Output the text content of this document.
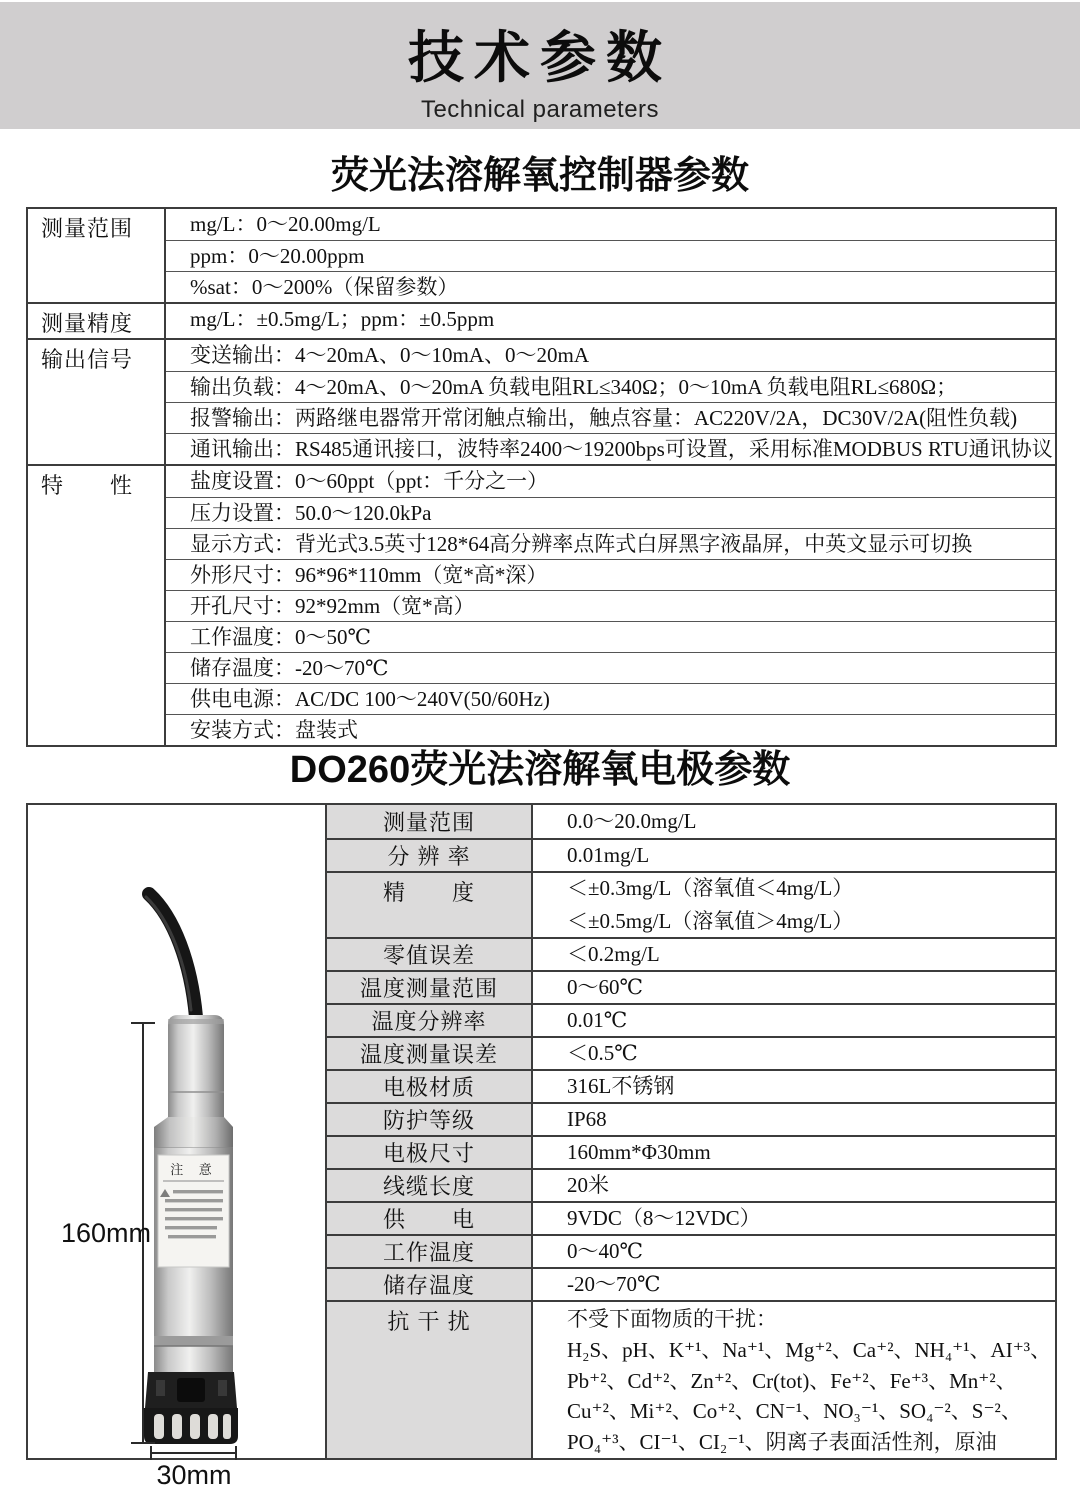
技术参数
Technical parameters
荧光法溶解氧控制器参数
测量范围	mg/L：0～20.00mg/L
ppm：0～20.00ppm
%sat：0～200%（保留参数）
测量精度	mg/L：±0.5mg/L；ppm：±0.5ppm
输出信号	变送输出：4～20mA、0～10mA、0～20mA
输出负载：4～20mA、0～20mA 负载电阻RL≤340Ω；0～10mA 负载电阻RL≤680Ω；
报警输出：两路继电器常开常闭触点输出，触点容量：AC220V/2A，DC30V/2A(阻性负载)
通讯输出：RS485通讯接口，波特率2400～19200bps可设置，采用标准MODBUS RTU通讯协议
特　　性	盐度设置：0～60ppt（ppt：千分之一）
压力设置：50.0～120.0kPa
显示方式：背光式3.5英寸128*64高分辨率点阵式白屏黑字液晶屏，中英文显示可切换
外形尺寸：96*96*110mm（宽*高*深）
开孔尺寸：92*92mm（宽*高）
工作温度：0～50℃
储存温度：-20～70℃
供电电源：AC/DC 100～240V(50/60Hz)
安装方式：盘装式
DO260荧光法溶解氧电极参数
注 意
160mm
30mm
测量范围	0.0～20.0mg/L
分 辨 率	0.01mg/L
精　　度	＜±0.3mg/L（溶氧值＜4mg/L）
＜±0.5mg/L（溶氧值＞4mg/L）
零值误差	＜0.2mg/L
温度测量范围	0～60℃
温度分辨率	0.01℃
温度测量误差	＜0.5℃
电极材质	316L不锈钢
防护等级	IP68
电极尺寸	160mm*Φ30mm
线缆长度	20米
供　　电	9VDC（8～12VDC）
工作温度	0～40℃
储存温度	-20～70℃
抗 干 扰	不受下面物质的干扰：
H₂S、pH、K⁺¹、Na⁺¹、Mg⁺²、Ca⁺²、NH₄⁺¹、AI⁺³、
Pb⁺²、Cd⁺²、Zn⁺²、Cr(tot)、Fe⁺²、Fe⁺³、Mn⁺²、
Cu⁺²、Mi⁺²、Co⁺²、CN⁻¹、NO₃⁻¹、SO₄⁻²、S⁻²、
PO₄⁺³、CI⁻¹、CI₂⁻¹、阴离子表面活性剂，原油
